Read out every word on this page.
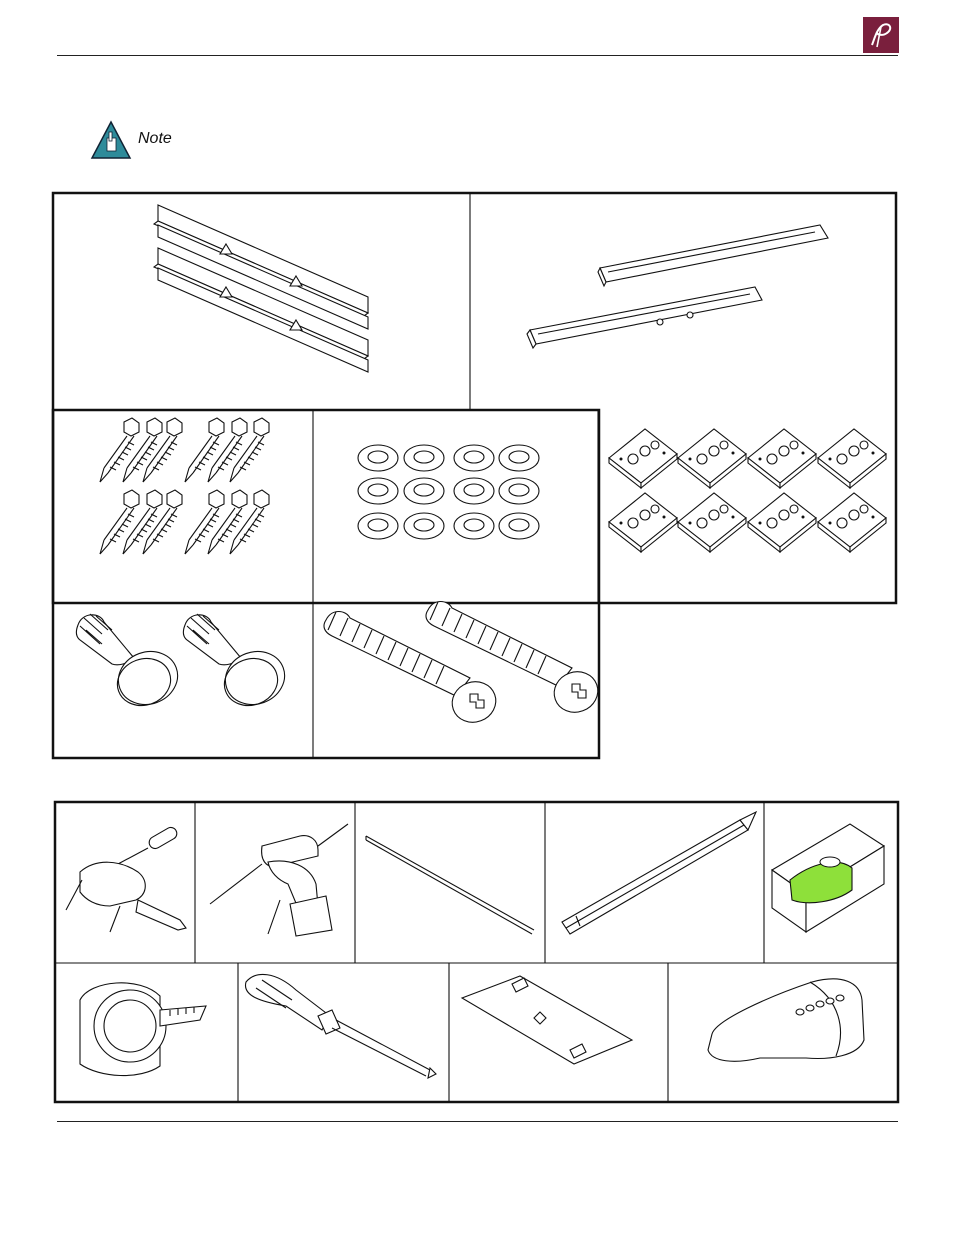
Note
